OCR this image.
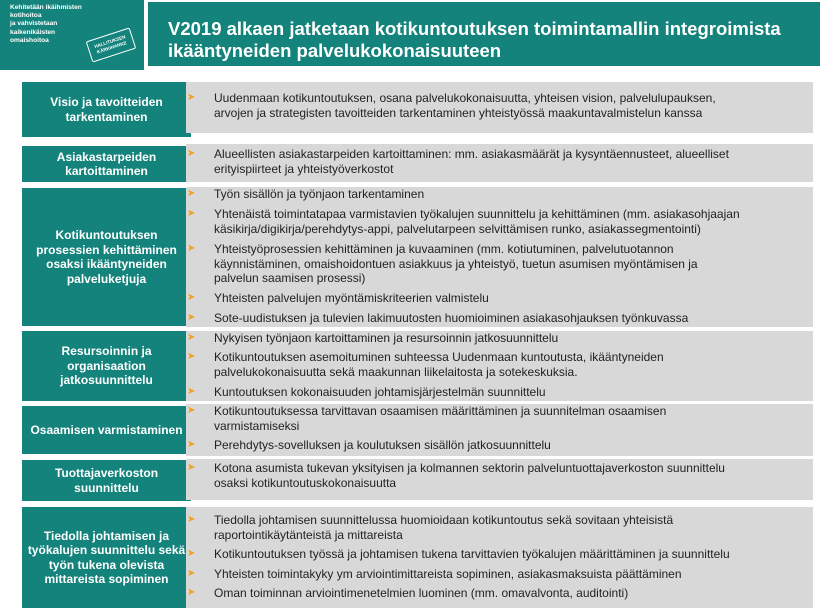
Kehitetään ikäihmisten
kotihoitoa
ja vahvistetaan
kaikenikäisten
omaishoitoa	HALLITUKSEN
KÄRKIHANKE
V2019 alkaen jatketaan kotikuntoutuksen toimintamallin integroimista ikääntyneiden palvelukokonaisuuteen
Visio ja tavoitteiden tarkentaminen
➤ Uudenmaan kotikuntoutuksen, osana palvelukokonaisuutta, yhteisen vision, palvelulupauksen,
arvojen ja strategisten tavoitteiden tarkentaminen yhteistyössä maakuntavalmistelun kanssa
Asiakastarpeiden kartoittaminen
➤ Alueellisten asiakastarpeiden kartoittaminen: mm. asiakasmäärät ja kysyntäennusteet, alueelliset
erityispiirteet ja yhteistyöverkostot
Kotikuntoutuksen prosessien kehittäminen osaksi ikääntyneiden palveluketjuja
➤ Työn sisällön ja työnjaon tarkentaminen
➤ Yhtenäistä toimintatapaa varmistavien työkalujen suunnittelu ja kehittäminen (mm. asiakasohjaajan
käsikirja/digikirja/perehdytys-appi, palvelutarpeen selvittämisen runko, asiakassegmentointi)
➤ Yhteistyöprosessien kehittäminen ja kuvaaminen (mm. kotiutuminen, palvelutuotannon
käynnistäminen, omaishoidontuen asiakkuus ja yhteistyö, tuetun asumisen myöntämisen ja
palvelun saamisen prosessi)
➤ Yhteisten palvelujen myöntämiskriteerien valmistelu
➤ Sote-uudistuksen ja tulevien lakimuutosten huomioiminen asiakasohjauksen työnkuvassa
Resursoinnin ja organisaation jatkosuunnittelu
➤ Nykyisen työnjaon kartoittaminen ja resursoinnin jatkosuunnittelu
➤ Kotikuntoutuksen asemoituminen suhteessa Uudenmaan kuntoutusta, ikääntyneiden
palvelukokonaisuutta sekä maakunnan liikelaitosta ja sotekeskuksia.
➤ Kuntoutuksen kokonaisuuden johtamisjärjestelmän suunnittelu
Osaamisen varmistaminen
➤ Kotikuntoutuksessa tarvittavan osaamisen määrittäminen ja suunnitelman osaamisen
varmistamiseksi
➤ Perehdytys-sovelluksen ja koulutuksen sisällön jatkosuunnittelu
Tuottajaverkoston suunnittelu
➤ Kotona asumista tukevan yksityisen ja kolmannen sektorin palveluntuottajaverkoston suunnittelu
osaksi kotikuntoutuskokonaisuutta
Tiedolla johtamisen ja työkalujen suunnittelu sekä työn tukena olevista mittareista sopiminen
➤ Tiedolla johtamisen suunnittelussa huomioidaan kotikuntoutus sekä sovitaan yhteisistä
raportointikäytänteistä ja mittareista
➤ Kotikuntoutuksen työssä ja johtamisen tukena tarvittavien työkalujen määrittäminen ja suunnittelu
➤ Yhteisten toimintakyky ym arviointimittareista sopiminen, asiakasmaksuista päättäminen
➤ Oman toiminnan arviointimenetelmien luominen (mm. omavalvonta, auditointi)
